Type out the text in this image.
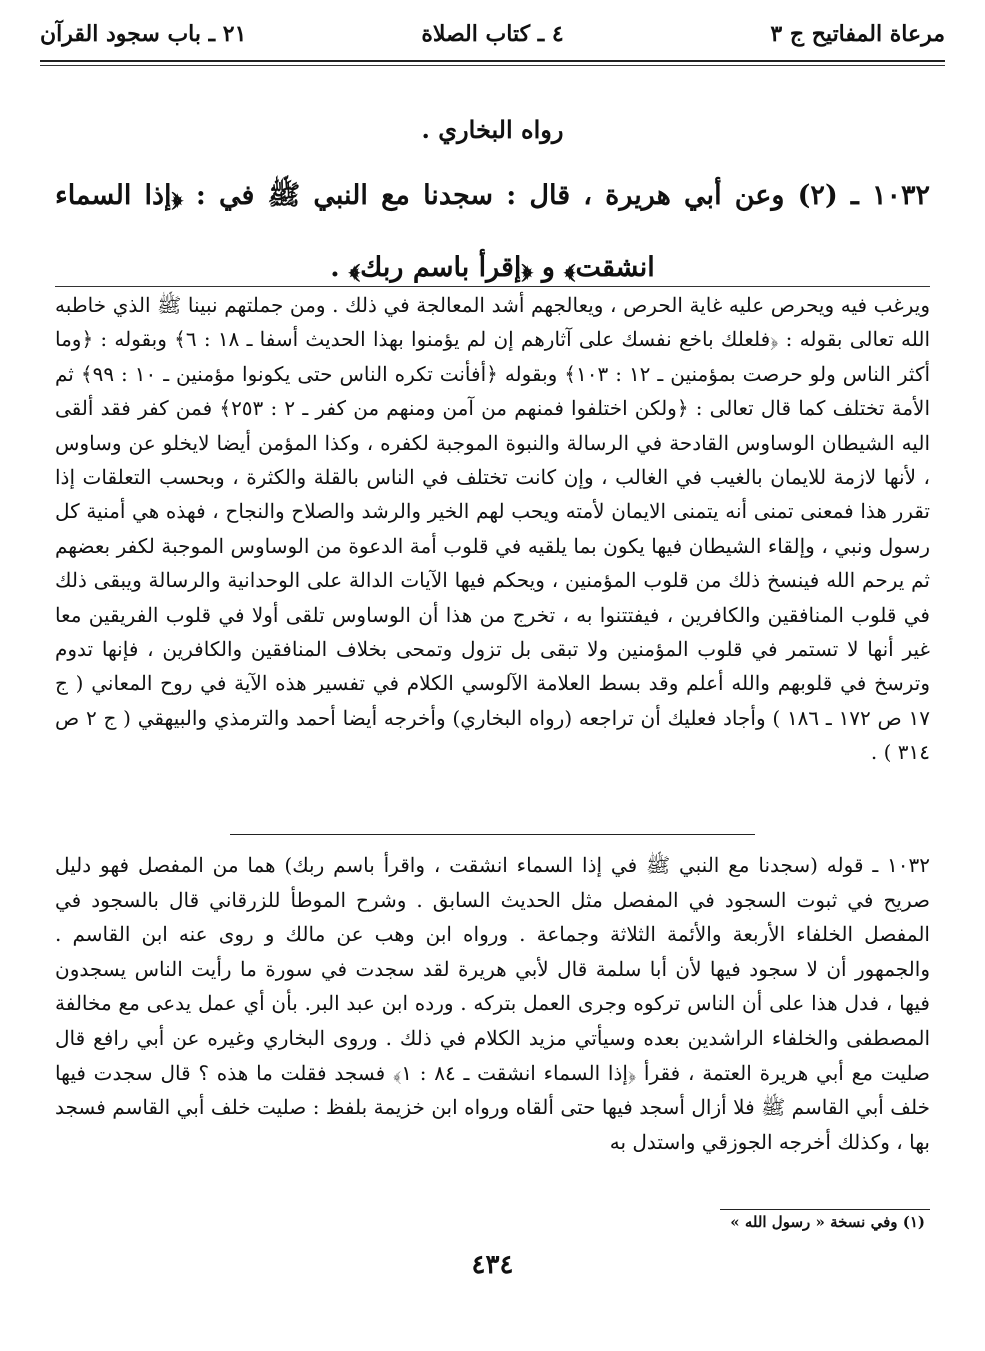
مرعاة المفاتيح ج ٣
٤ ـ كتاب الصلاة
٢١ ـ باب سجود القرآن
رواه البخاري .
١٠٣٢ ـ (٢) وعن أبي هريرة ، قال : سجدنا مع النبي ﷺ في : ﴿إذا السماء انشقت﴾ و ﴿إقرأ باسم ربك﴾ .
ويرغب فيه ويحرص عليه غاية الحرص ، ويعالجهم أشد المعالجة في ذلك . ومن جملتهم نبينا ﷺ الذي خاطبه الله تعالى بقوله : ﴿فلعلك باخع نفسك على آثارهم إن لم يؤمنوا بهذا الحديث أسفا ـ ١٨ : ٦﴾ وبقوله : ﴿وما أكثر الناس ولو حرصت بمؤمنين ـ ١٢ : ١٠٣﴾ وبقوله ﴿أفأنت تكره الناس حتى يكونوا مؤمنين ـ ١٠ : ٩٩﴾ ثم الأمة تختلف كما قال تعالى : ﴿ولكن اختلفوا فمنهم من آمن ومنهم من كفر ـ ٢ : ٢٥٣﴾ فمن كفر فقد ألقى اليه الشيطان الوساوس القادحة في الرسالة والنبوة الموجبة لكفره ، وكذا المؤمن أيضا لايخلو عن وساوس ، لأنها لازمة للايمان بالغيب في الغالب ، وإن كانت تختلف في الناس بالقلة والكثرة ، وبحسب التعلقات إذا تقرر هذا فمعنى تمنى أنه يتمنى الايمان لأمته ويحب لهم الخير والرشد والصلاح والنجاح ، فهذه هي أمنية كل رسول ونبي ، وإلقاء الشيطان فيها يكون بما يلقيه في قلوب أمة الدعوة من الوساوس الموجبة لكفر بعضهم ثم يرحم الله فينسخ ذلك من قلوب المؤمنين ، ويحكم فيها الآيات الدالة على الوحدانية والرسالة ويبقى ذلك في قلوب المنافقين والكافرين ، فيفتتنوا به ، تخرج من هذا أن الوساوس تلقى أولا في قلوب الفريقين معا غير أنها لا تستمر في قلوب المؤمنين ولا تبقى بل تزول وتمحى بخلاف المنافقين والكافرين ، فإنها تدوم وترسخ في قلوبهم والله أعلم وقد بسط العلامة الآلوسي الكلام في تفسير هذه الآية في روح المعاني ( ج ١٧ ص ١٧٢ ـ ١٨٦ ) وأجاد فعليك أن تراجعه (رواه البخاري) وأخرجه أيضا أحمد والترمذي والبيهقي ( ج ٢ ص ٣١٤ ) .
١٠٣٢ ـ قوله (سجدنا مع النبي ﷺ في إذا السماء انشقت ، واقرأ باسم ربك) هما من المفصل فهو دليل صريح في ثبوت السجود في المفصل مثل الحديث السابق . وشرح الموطأ للزرقاني قال بالسجود في المفصل الخلفاء الأربعة والأئمة الثلاثة وجماعة . ورواه ابن وهب عن مالك و روى عنه ابن القاسم . والجمهور أن لا سجود فيها لأن أبا سلمة قال لأبي هريرة لقد سجدت في سورة ما رأيت الناس يسجدون فيها ، فدل هذا على أن الناس تركوه وجرى العمل بتركه . ورده ابن عبد البر. بأن أي عمل يدعى مع مخالفة المصطفى والخلفاء الراشدين بعده وسيأتي مزيد الكلام في ذلك . وروى البخاري وغيره عن أبي رافع قال صليت مع أبي هريرة العتمة ، فقرأ ﴿إذا السماء انشقت ـ ٨٤ : ١﴾ فسجد فقلت ما هذه ؟ قال سجدت فيها خلف أبي القاسم ﷺ فلا أزال أسجد فيها حتى ألقاه ورواه ابن خزيمة بلفظ : صليت خلف أبي القاسم فسجد بها ، وكذلك أخرجه الجوزقي واستدل به
(١) وفي نسخة « رسول الله »
٤٣٤
